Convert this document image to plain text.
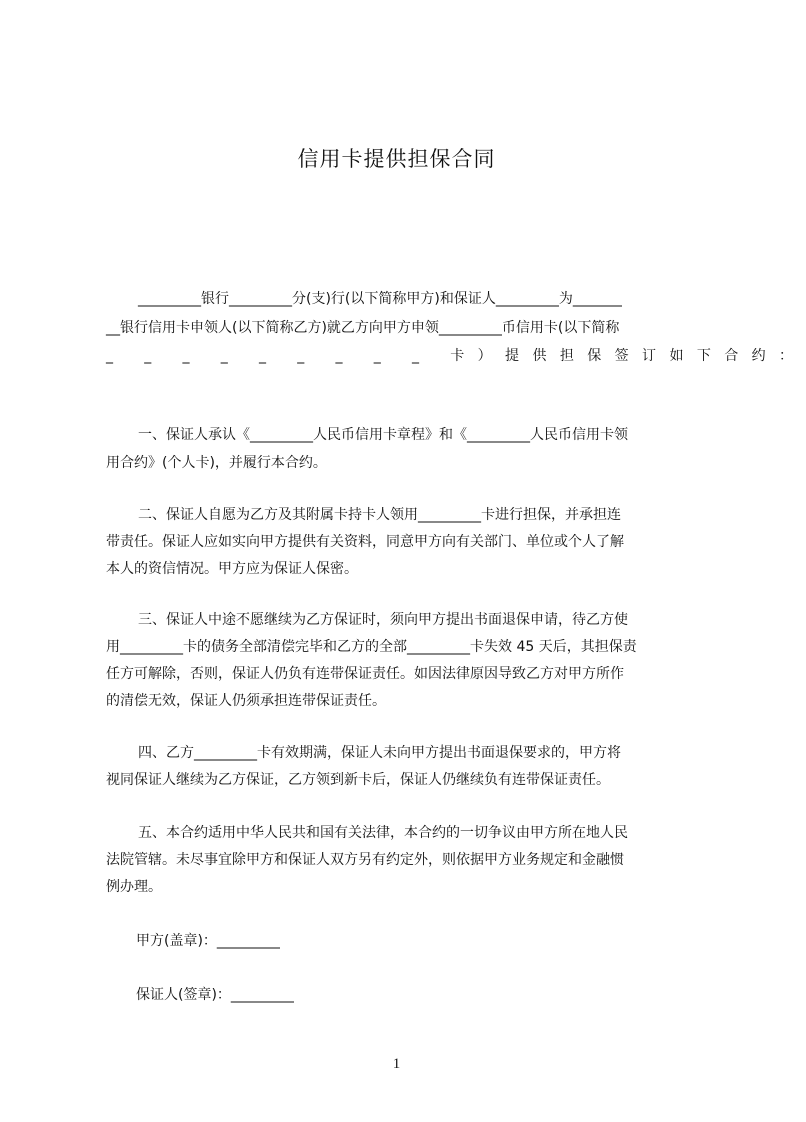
信用卡提供担保合同
_________银行_________分(支)行(以下简称甲方)和保证人_________为_______
__银行信用卡申领人(以下简称乙方)就乙方向甲方申领_________币信用卡(以下简称
_ _ _ _ _ _ _ _ _ 卡）提供担保签订如下合约：
一、保证人承认《_________人民币信用卡章程》和《_________人民币信用卡领
用合约》(个人卡)，并履行本合约。
二、保证人自愿为乙方及其附属卡持卡人领用_________卡进行担保，并承担连
带责任。保证人应如实向甲方提供有关资料，同意甲方向有关部门、单位或个人了解
本人的资信情况。甲方应为保证人保密。
三、保证人中途不愿继续为乙方保证时，须向甲方提出书面退保申请，待乙方使
用_________卡的债务全部清偿完毕和乙方的全部_________卡失效 45 天后，其担保责
任方可解除，否则，保证人仍负有连带保证责任。如因法律原因导致乙方对甲方所作
的清偿无效，保证人仍须承担连带保证责任。
四、乙方_________卡有效期满，保证人未向甲方提出书面退保要求的，甲方将
视同保证人继续为乙方保证，乙方领到新卡后，保证人仍继续负有连带保证责任。
五、本合约适用中华人民共和国有关法律，本合约的一切争议由甲方所在地人民
法院管辖。未尽事宜除甲方和保证人双方另有约定外，则依据甲方业务规定和金融惯
例办理。
甲方(盖章)：_________
保证人(签章)：_________
1
